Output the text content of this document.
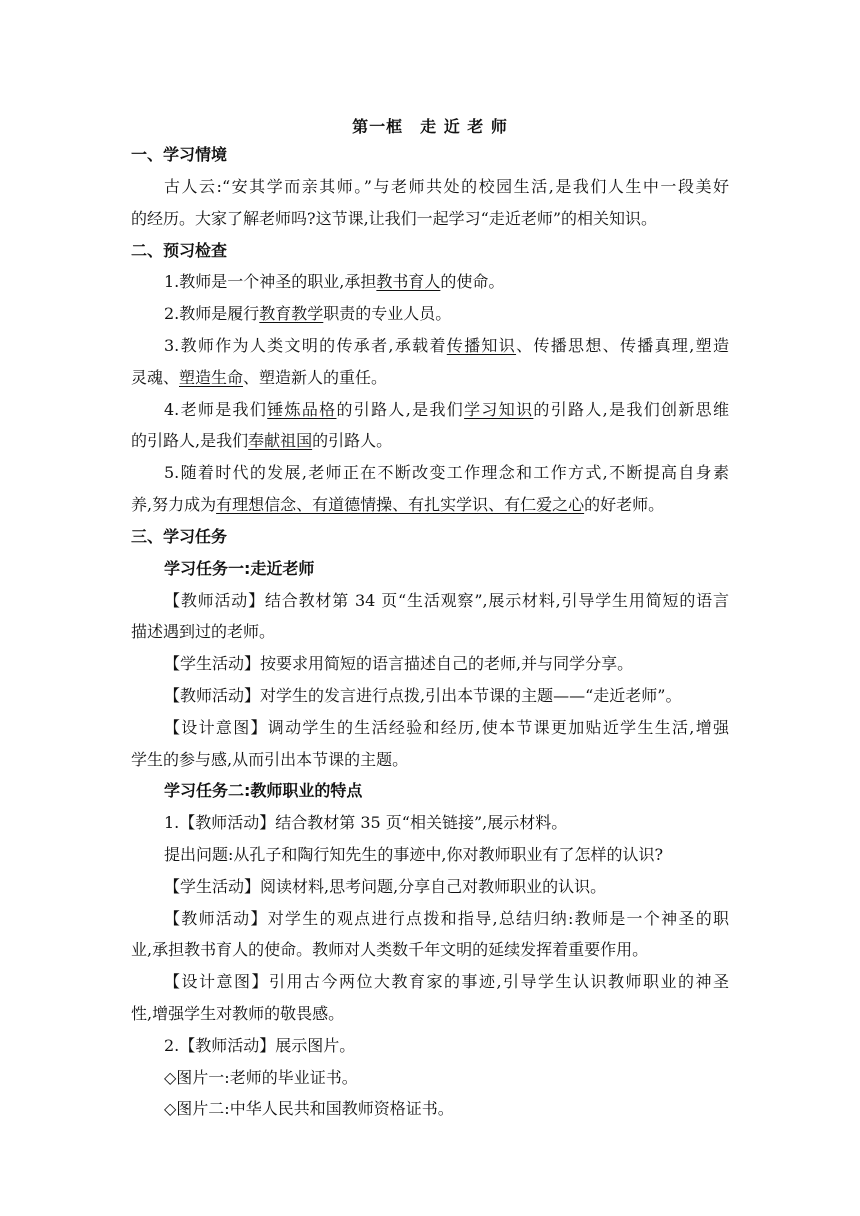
第一框　走 近 老 师
一、学习情境
古人云:“安其学而亲其师。”与老师共处的校园生活,是我们人生中一段美好
的经历。大家了解老师吗?这节课,让我们一起学习“走近老师”的相关知识。
二、预习检查
1.教师是一个神圣的职业,承担教书育人的使命。
2.教师是履行教育教学职责的专业人员。
3.教师作为人类文明的传承者,承载着传播知识、传播思想、传播真理,塑造
灵魂、塑造生命、塑造新人的重任。
4.老师是我们锤炼品格的引路人,是我们学习知识的引路人,是我们创新思维
的引路人,是我们奉献祖国的引路人。
5.随着时代的发展,老师正在不断改变工作理念和工作方式,不断提高自身素
养,努力成为有理想信念、有道德情操、有扎实学识、有仁爱之心的好老师。
三、学习任务
学习任务一:走近老师
【教师活动】结合教材第 34 页“生活观察”,展示材料,引导学生用简短的语言
描述遇到过的老师。
【学生活动】按要求用简短的语言描述自己的老师,并与同学分享。
【教师活动】对学生的发言进行点拨,引出本节课的主题——“走近老师”。
【设计意图】调动学生的生活经验和经历,使本节课更加贴近学生生活,增强
学生的参与感,从而引出本节课的主题。
学习任务二:教师职业的特点
1.【教师活动】结合教材第 35 页“相关链接”,展示材料。
提出问题:从孔子和陶行知先生的事迹中,你对教师职业有了怎样的认识?
【学生活动】阅读材料,思考问题,分享自己对教师职业的认识。
【教师活动】对学生的观点进行点拨和指导,总结归纳:教师是一个神圣的职
业,承担教书育人的使命。教师对人类数千年文明的延续发挥着重要作用。
【设计意图】引用古今两位大教育家的事迹,引导学生认识教师职业的神圣
性,增强学生对教师的敬畏感。
2.【教师活动】展示图片。
◇图片一:老师的毕业证书。
◇图片二:中华人民共和国教师资格证书。
